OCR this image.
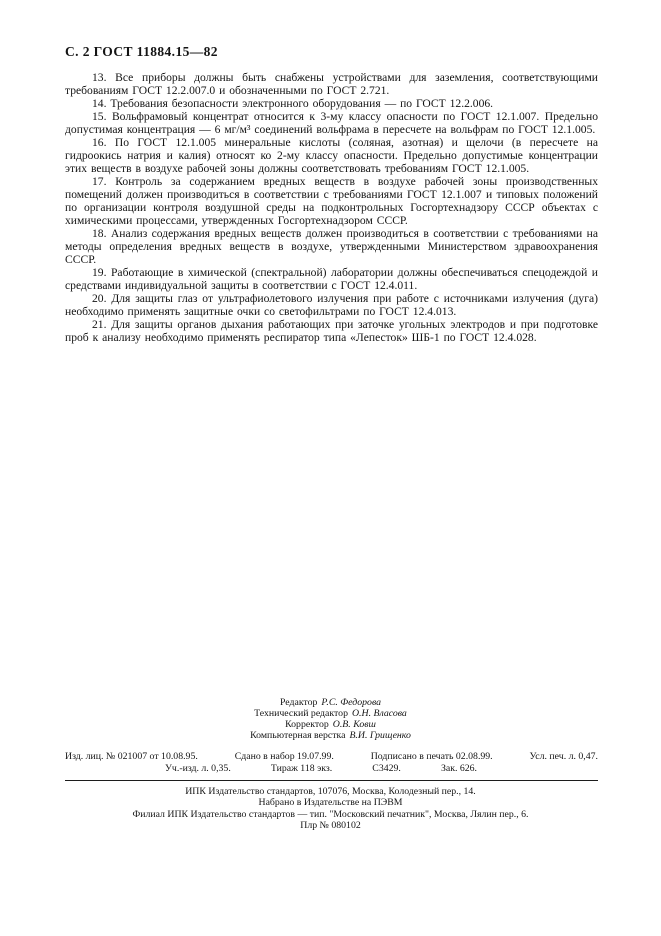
С. 2 ГОСТ 11884.15—82

13. Все приборы должны быть снабжены устройствами для заземления, соответствующими требованиям ГОСТ 12.2.007.0 и обозначенными по ГОСТ 2.721.

14. Требования безопасности электронного оборудования — по ГОСТ 12.2.006.

15. Вольфрамовый концентрат относится к 3-му классу опасности по ГОСТ 12.1.007. Предельно допустимая концентрация — 6 мг/м³ соединений вольфрама в пересчете на вольфрам по ГОСТ 12.1.005.

16. По ГОСТ 12.1.005 минеральные кислоты (соляная, азотная) и щелочи (в пересчете на гидроокись натрия и калия) относят ко 2-му классу опасности. Предельно допустимые концентрации этих веществ в воздухе рабочей зоны должны соответствовать требованиям ГОСТ 12.1.005.

17. Контроль за содержанием вредных веществ в воздухе рабочей зоны производственных помещений должен производиться в соответствии с требованиями ГОСТ 12.1.007 и типовых положений по организации контроля воздушной среды на подконтрольных Госгортехнадзору СССР объектах с химическими процессами, утвержденных Госгортехнадзором СССР.

18. Анализ содержания вредных веществ должен производиться в соответствии с требованиями на методы определения вредных веществ в воздухе, утвержденными Министерством здравоохранения СССР.

19. Работающие в химической (спектральной) лаборатории должны обеспечиваться спецодеждой и средствами индивидуальной защиты в соответствии с ГОСТ 12.4.011.

20. Для защиты глаз от ультрафиолетового излучения при работе с источниками излучения (дуга) необходимо применять защитные очки со светофильтрами по ГОСТ 12.4.013.

21. Для защиты органов дыхания работающих при заточке угольных электродов и при подготовке проб к анализу необходимо применять респиратор типа «Лепесток» ШБ-1 по ГОСТ 12.4.028.

Редактор Р.С. Федорова
Технический редактор О.Н. Власова
Корректор О.В. Ковш
Компьютерная верстка В.И. Грищенко
Изд. лиц. № 021007 от 10.08.95.	Сдано в набор 19.07.99.	Подписано в печать 02.08.99.	Усл. печ. л. 0,47.
Уч.-изд. л. 0,35.	Тираж 118 экз.	С3429.	Зак. 626.
ИПК Издательство стандартов, 107076, Москва, Колодезный пер., 14.
Набрано в Издательстве на ПЭВМ
Филиал ИПК Издательство стандартов — тип. "Московский печатник", Москва, Лялин пер., 6.
Плр № 080102
